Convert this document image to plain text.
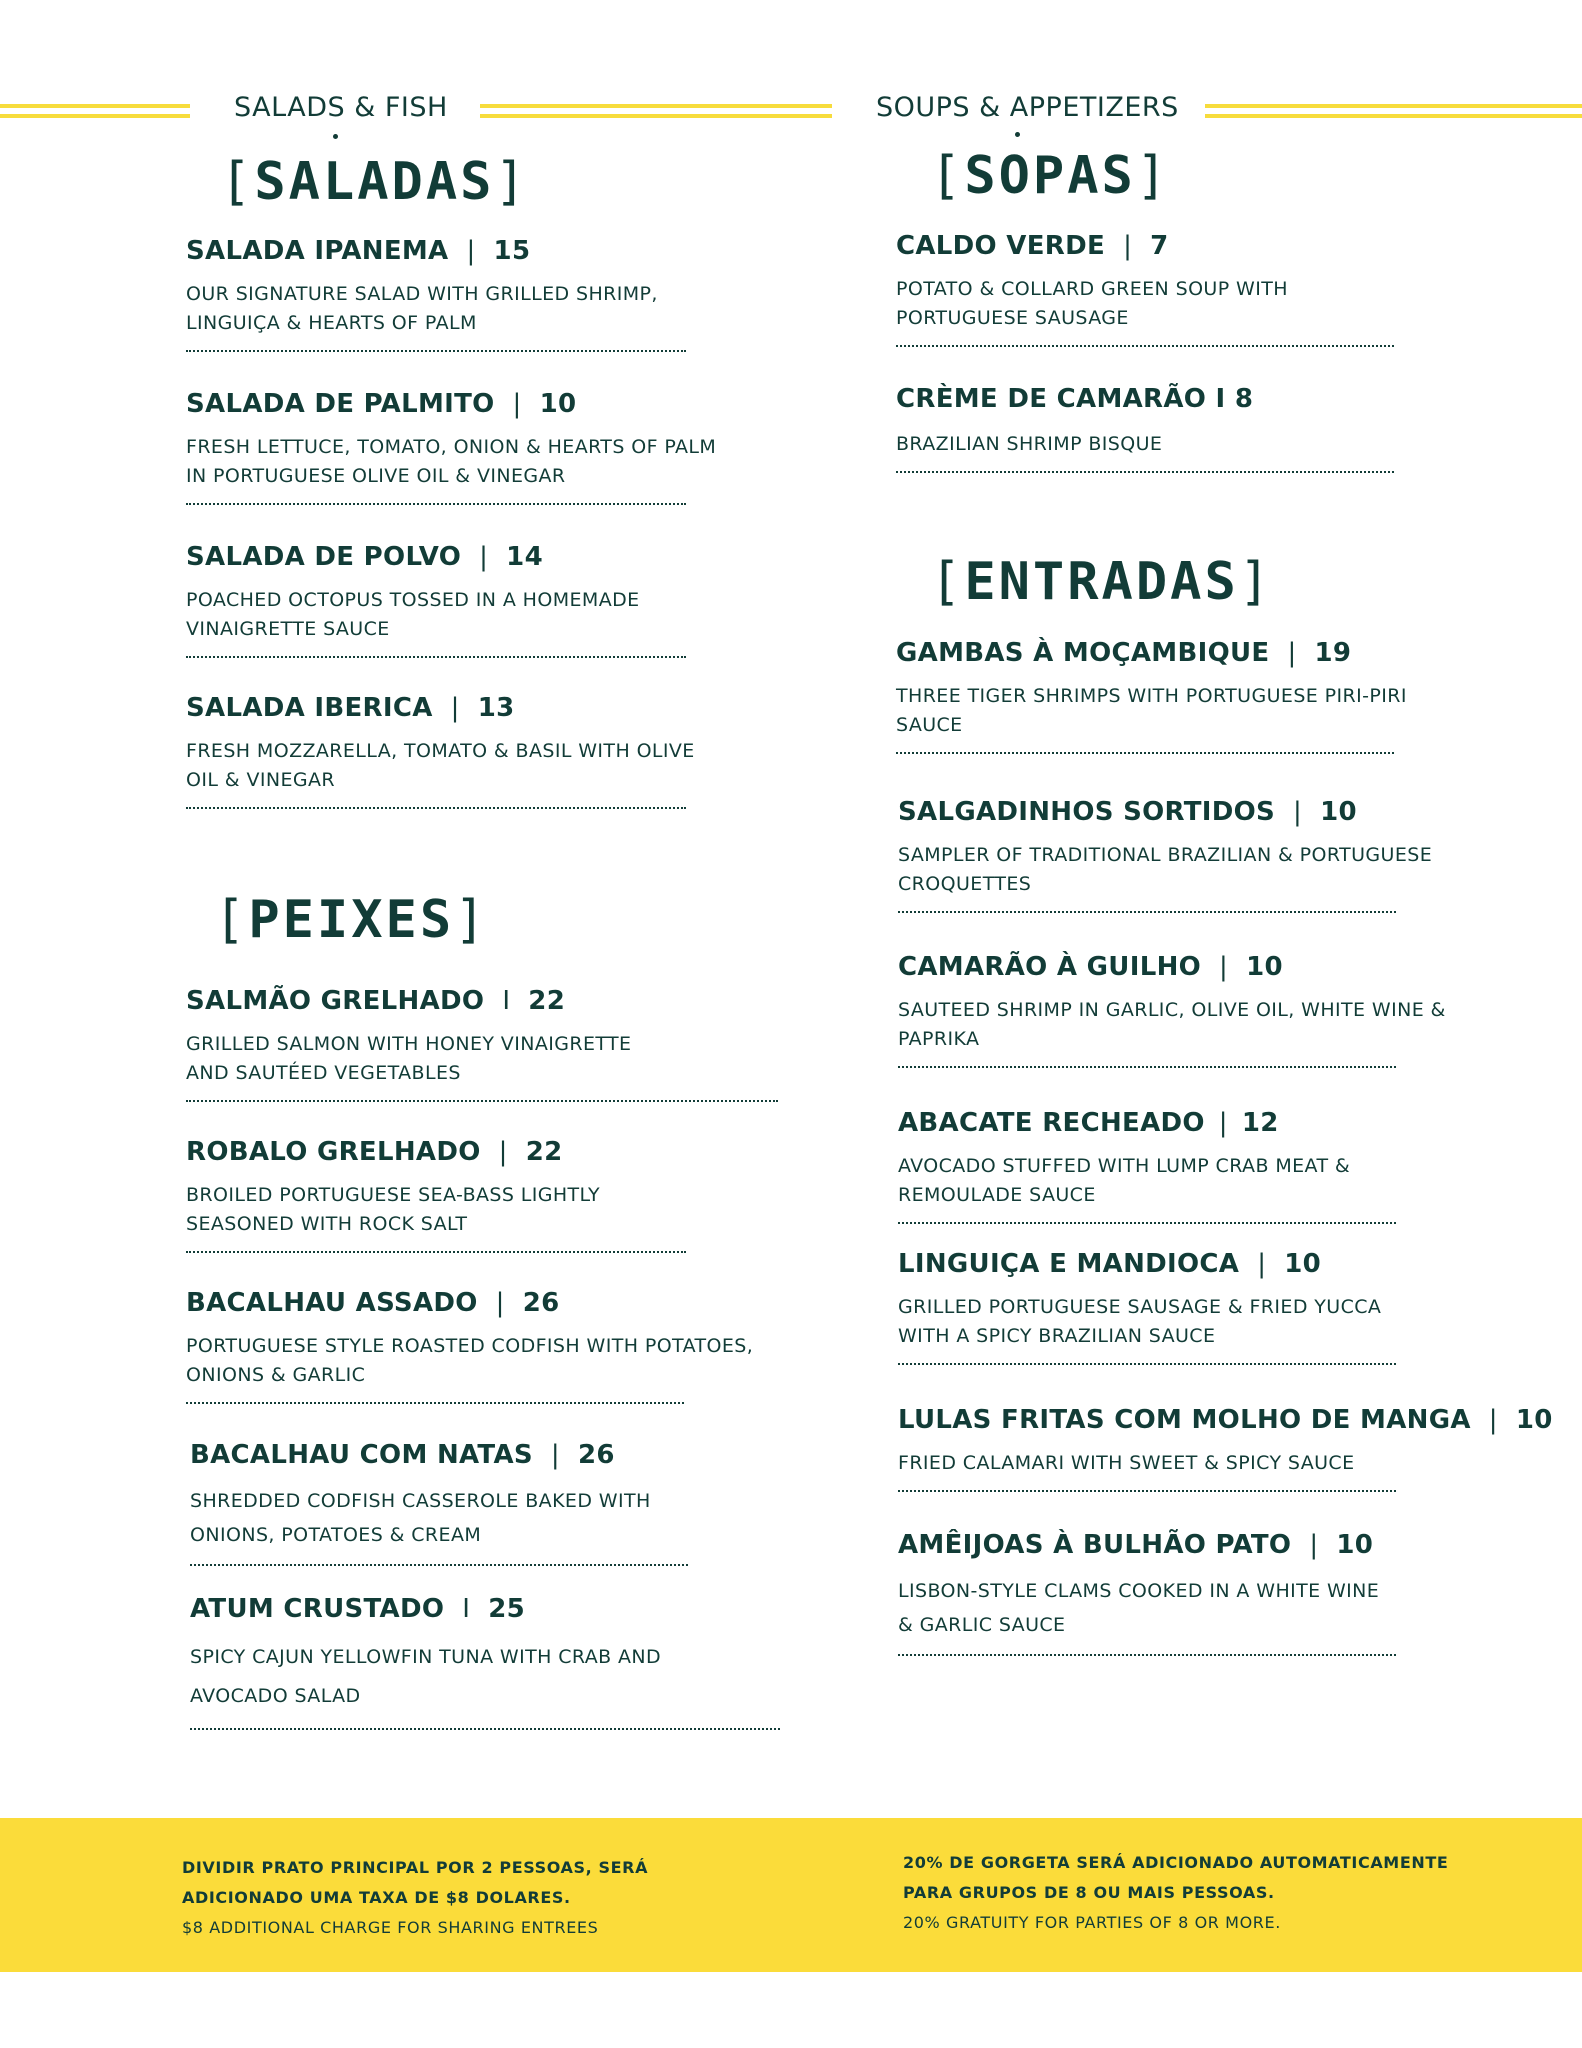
SALADS & FISH	SOUPS & APPETIZERS
[SALADAS]
[PEIXES]
[SOPAS]
[ENTRADAS]
SALADA IPANEMA | 15
OUR SIGNATURE SALAD WITH GRILLED SHRIMP, LINGUIÇA & HEARTS OF PALM
SALADA DE PALMITO | 10
FRESH LETTUCE, TOMATO, ONION & HEARTS OF PALM IN PORTUGUESE OLIVE OIL & VINEGAR
SALADA DE POLVO | 14
POACHED OCTOPUS TOSSED IN A HOMEMADE VINAIGRETTE SAUCE
SALADA IBERICA | 13
FRESH MOZZARELLA, TOMATO & BASIL WITH OLIVE OIL & VINEGAR
SALMÃO GRELHADO I 22
GRILLED SALMON WITH HONEY VINAIGRETTE AND SAUTÉED VEGETABLES
ROBALO GRELHADO | 22
BROILED PORTUGUESE SEA-BASS LIGHTLY SEASONED WITH ROCK SALT
BACALHAU ASSADO | 26
PORTUGUESE STYLE ROASTED CODFISH WITH POTATOES, ONIONS & GARLIC
BACALHAU COM NATAS | 26
SHREDDED CODFISH CASSEROLE BAKED WITH ONIONS, POTATOES & CREAM
ATUM CRUSTADO I 25
SPICY CAJUN YELLOWFIN TUNA WITH CRAB AND AVOCADO SALAD
CALDO VERDE | 7
POTATO & COLLARD GREEN SOUP WITH PORTUGUESE SAUSAGE
CRÈME DE CAMARÃO I 8
BRAZILIAN SHRIMP BISQUE
GAMBAS À MOÇAMBIQUE | 19
THREE TIGER SHRIMPS WITH PORTUGUESE PIRI-PIRI SAUCE
SALGADINHOS SORTIDOS | 10
SAMPLER OF TRADITIONAL BRAZILIAN & PORTUGUESE CROQUETTES
CAMARÃO À GUILHO | 10
SAUTEED SHRIMP IN GARLIC, OLIVE OIL, WHITE WINE & PAPRIKA
ABACATE RECHEADO | 12
AVOCADO STUFFED WITH LUMP CRAB MEAT & REMOULADE SAUCE
LINGUIÇA E MANDIOCA | 10
GRILLED PORTUGUESE SAUSAGE & FRIED YUCCA WITH A SPICY BRAZILIAN SAUCE
LULAS FRITAS COM MOLHO DE MANGA | 10
FRIED CALAMARI WITH SWEET & SPICY SAUCE
AMÊIJOAS À BULHÃO PATO | 10
LISBON-STYLE CLAMS COOKED IN A WHITE WINE & GARLIC SAUCE
DIVIDIR PRATO PRINCIPAL POR 2 PESSOAS, SERÁ
ADICIONADO UMA TAXA DE $8 DOLARES.
$8 ADDITIONAL CHARGE FOR SHARING ENTREES
20% DE GORGETA SERÁ ADICIONADO AUTOMATICAMENTE
PARA GRUPOS DE 8 OU MAIS PESSOAS.
20% GRATUITY FOR PARTIES OF 8 OR MORE.
